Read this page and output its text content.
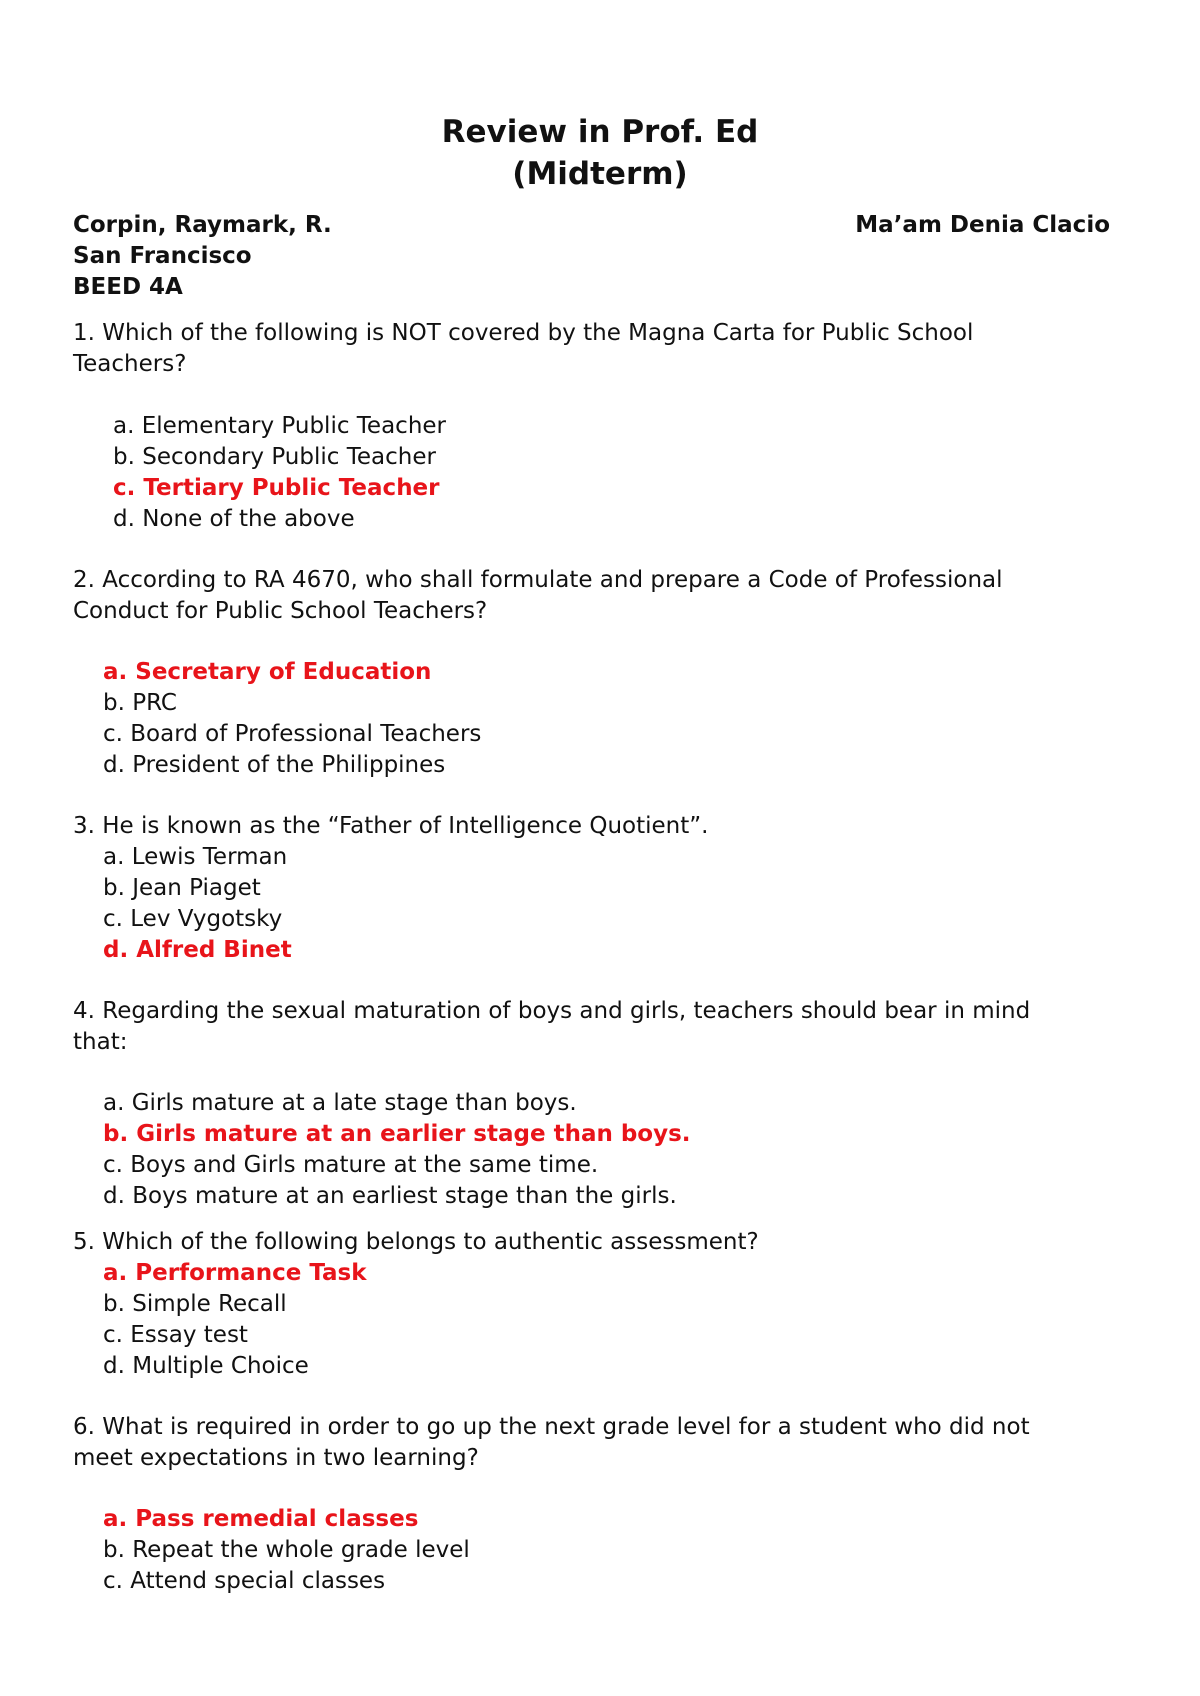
Review in Prof. Ed
(Midterm)
Corpin, Raymark, R.	Ma’am Denia Clacio
San Francisco
BEED 4A
1. Which of the following is NOT covered by the Magna Carta for Public School
Teachers?
a. Elementary Public Teacher
b. Secondary Public Teacher
c. Tertiary Public Teacher
d. None of the above
2. According to RA 4670, who shall formulate and prepare a Code of Professional
Conduct for Public School Teachers?
a. Secretary of Education
b. PRC
c. Board of Professional Teachers
d. President of the Philippines
3. He is known as the “Father of Intelligence Quotient”.
a. Lewis Terman
b. Jean Piaget
c. Lev Vygotsky
d. Alfred Binet
4. Regarding the sexual maturation of boys and girls, teachers should bear in mind
that:
a. Girls mature at a late stage than boys.
b. Girls mature at an earlier stage than boys.
c. Boys and Girls mature at the same time.
d. Boys mature at an earliest stage than the girls.
5. Which of the following belongs to authentic assessment?
a. Performance Task
b. Simple Recall
c. Essay test
d. Multiple Choice
6. What is required in order to go up the next grade level for a student who did not
meet expectations in two learning?
a. Pass remedial classes
b. Repeat the whole grade level
c. Attend special classes
